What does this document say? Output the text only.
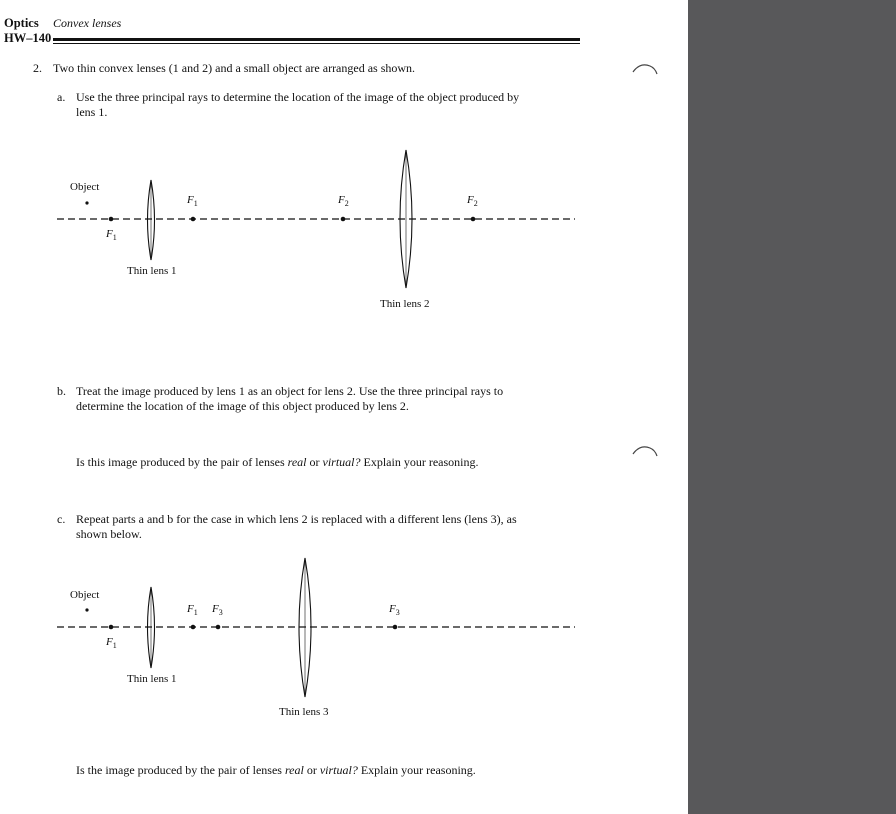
Optics
HW–140
Convex lenses
2. Two thin convex lenses (1 and 2) and a small object are arranged as shown.
a. Use the three principal rays to determine the location of the image of the object produced by
lens 1.
Object
$F_1$
$F_1$
$F_2$	$F_2$
Thin lens 1
Thin lens 2
b. Treat the image produced by lens 1 as an object for lens 2. Use the three principal rays to
determine the location of the image of this object produced by lens 2.
Is this image produced by the pair of lenses real or virtual? Explain your reasoning.
c. Repeat parts a and b for the case in which lens 2 is replaced with a different lens (lens 3), as
shown below.
Object
$F_1$ $F_3$
$F_1$
$F_3$
Thin lens 1
Thin lens 3
Is the image produced by the pair of lenses real or virtual? Explain your reasoning.
